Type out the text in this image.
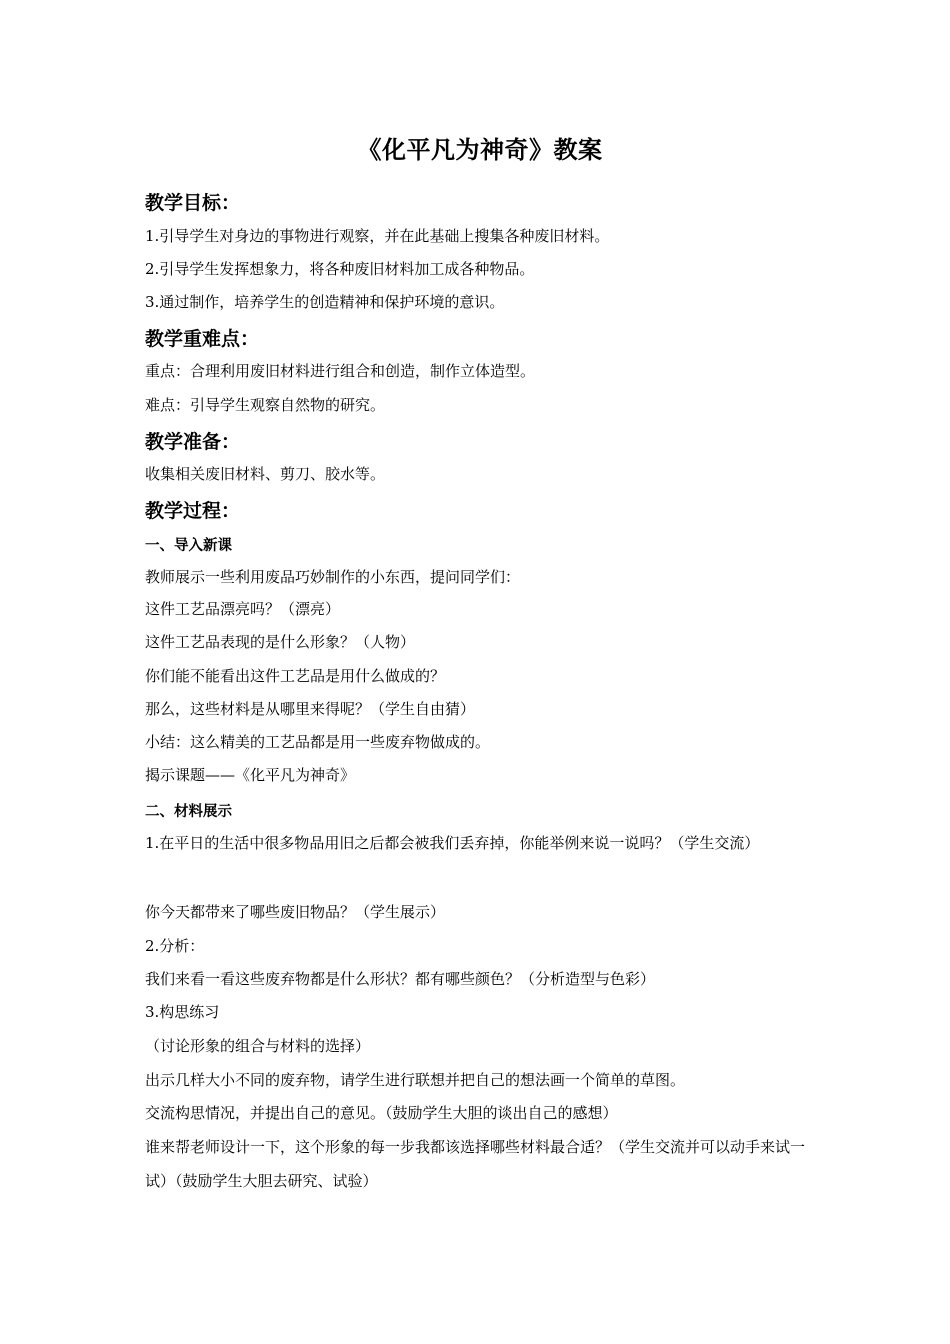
《化平凡为神奇》教案
教学目标：

1.引导学生对身边的事物进行观察，并在此基础上搜集各种废旧材料。

2.引导学生发挥想象力，将各种废旧材料加工成各种物品。

3.通过制作，培养学生的创造精神和保护环境的意识。

教学重难点：

重点：合理利用废旧材料进行组合和创造，制作立体造型。

难点：引导学生观察自然物的研究。

教学准备：

收集相关废旧材料、剪刀、胶水等。

教学过程：
一、导入新课

教师展示一些利用废品巧妙制作的小东西，提问同学们：

这件工艺品漂亮吗？（漂亮）

这件工艺品表现的是什么形象？（人物）

你们能不能看出这件工艺品是用什么做成的？

那么，这些材料是从哪里来得呢？（学生自由猜）

小结：这么精美的工艺品都是用一些废弃物做成的。

揭示课题——《化平凡为神奇》

二、材料展示

1.在平日的生活中很多物品用旧之后都会被我们丢弃掉，你能举例来说一说吗？（学生交流）

你今天都带来了哪些废旧物品？（学生展示）

2.分析：

我们来看一看这些废弃物都是什么形状？都有哪些颜色？（分析造型与色彩）

3.构思练习

（讨论形象的组合与材料的选择）

出示几样大小不同的废弃物，请学生进行联想并把自己的想法画一个简单的草图。

交流构思情况，并提出自己的意见。（鼓励学生大胆的谈出自己的感想）

谁来帮老师设计一下，这个形象的每一步我都该选择哪些材料最合适？（学生交流并可以动手来试一试）（鼓励学生大胆去研究、试验）
